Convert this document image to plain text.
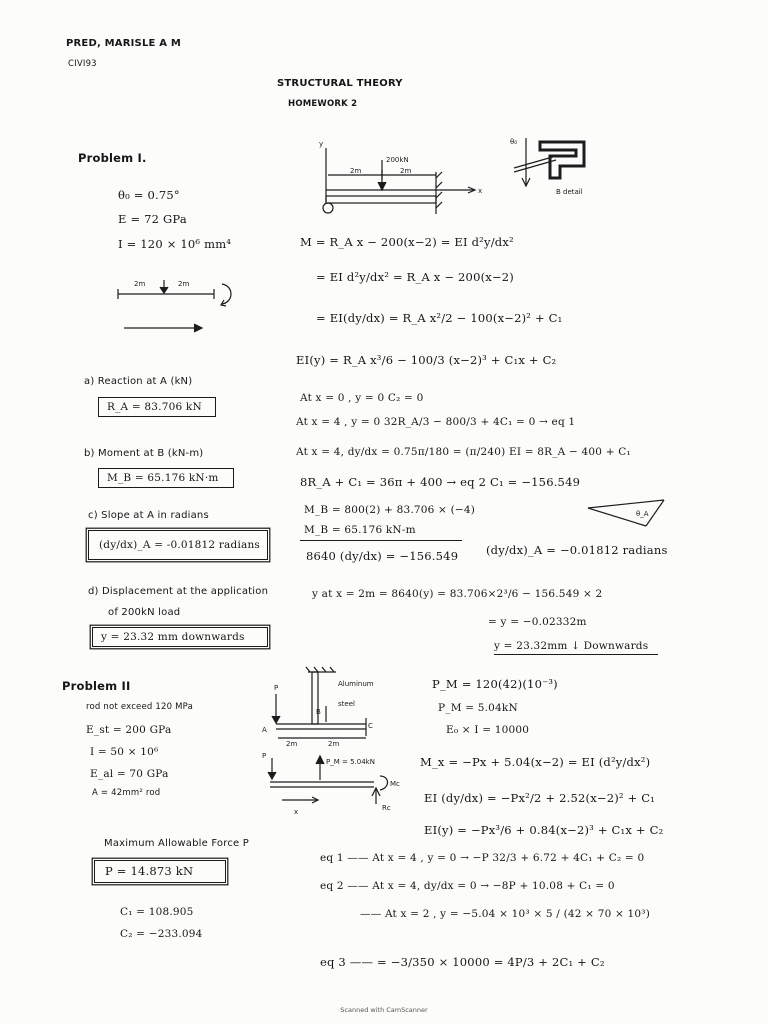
PRED, MARISLE A M
CIVI93
STRUCTURAL THEORY
HOMEWORK 2
Problem I.
θ₀ = 0.75°
E = 72 GPa
I = 120 × 10⁶ mm⁴
2m	2m
y
x
200kN
2m	2m
θ₀
B detail
a) Reaction at A (kN)
R_A = 83.706 kN
b) Moment at B (kN-m)
M_B = 65.176 kN·m
c) Slope at A in radians
(dy/dx)_A = -0.01812 radians
d) Displacement at the application
of 200kN load
y = 23.32 mm downwards
M = R_A x − 200(x−2) = EI d²y/dx²
= EI d²y/dx² = R_A x − 200(x−2)
= EI(dy/dx) = R_A x²/2 − 100(x−2)² + C₁
EI(y) = R_A x³/6 − 100/3 (x−2)³ + C₁x + C₂
At x = 0 , y = 0 C₂ = 0
At x = 4 , y = 0 32R_A/3 − 800/3 + 4C₁ = 0 → eq 1
At x = 4, dy/dx = 0.75π/180 = (π/240) EI = 8R_A − 400 + C₁
8R_A + C₁ = 36π + 400 → eq 2 C₁ = −156.549
M_B = 800(2) + 83.706 × (−4)
M_B = 65.176 kN-m
8640 (dy/dx) = −156.549 (dy/dx)_A = −0.01812 radians
y at x = 2m = 8640(y) = 83.706×2³/6 − 156.549 × 2
= y = −0.02332m
y = 23.32mm ↓ Downwards
θ_A
Problem II
rod not exceed 120 MPa
E_st = 200 GPa
I = 50 × 10⁶
E_al = 70 GPa
A = 42mm² rod
P
A
B
C
2m	2m
Aluminum
steel
P
P_M = 5.04kN
Mc
Rc
x
Maximum Allowable Force P
P = 14.873 kN
C₁ = 108.905
C₂ = −233.094
P_M = 120(42)(10⁻³)
P_M = 5.04kN
E₀ × I = 10000
M_x = −Px + 5.04(x−2) = EI (d²y/dx²)
EI (dy/dx) = −Px²/2 + 2.52(x−2)² + C₁
EI(y) = −Px³/6 + 0.84(x−2)³ + C₁x + C₂
eq 1 —— At x = 4 , y = 0 → −P 32/3 + 6.72 + 4C₁ + C₂ = 0
eq 2 —— At x = 4, dy/dx = 0 → −8P + 10.08 + C₁ = 0
—— At x = 2 , y = −5.04 × 10³ × 5 / (42 × 70 × 10³)
eq 3 —— = −3/350 × 10000 = 4P/3 + 2C₁ + C₂
Scanned with CamScanner
